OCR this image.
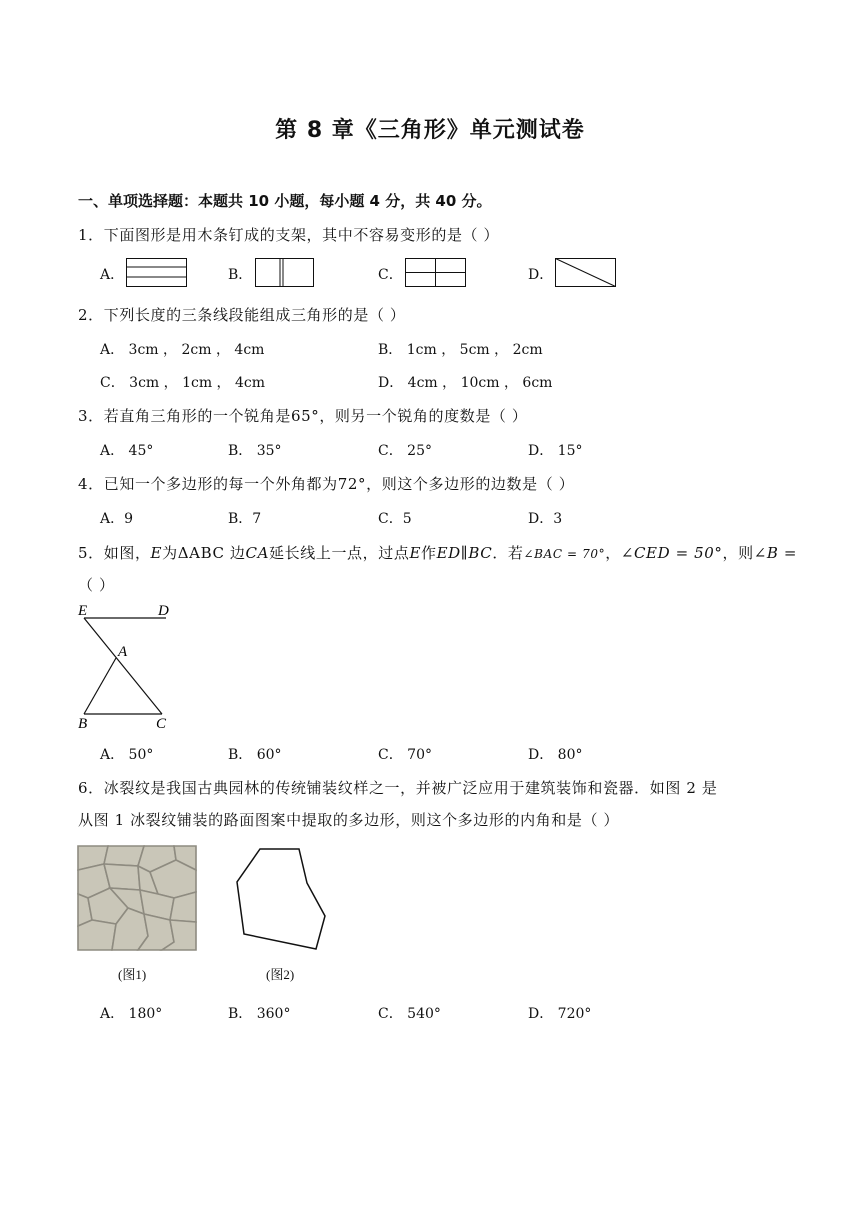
第 8 章《三角形》单元测试卷
一、单项选择题：本题共 10 小题，每小题 4 分，共 40 分。
1．下面图形是用木条钉成的支架，其中不容易变形的是（ ）
A．	B．	C．	D．
2．下列长度的三条线段能组成三角形的是（ ）
A． 3cm ， 2cm ， 4cm	B． 1cm ， 5cm ， 2cm
C． 3cm ， 1cm ， 4cm	D． 4cm ， 10cm ， 6cm
3．若直角三角形的一个锐角是65°，则另一个锐角的度数是（ ）
A． 45°	B． 35°	C． 25°	D． 15°
4．已知一个多边形的每一个外角都为72°，则这个多边形的边数是（ ）
A．9	B．7	C．5	D．3
5．如图，E为ΔABC 边CA延长线上一点，过点E作ED∥BC．若∠BAC = 70°，∠CED = 50°，则∠B =
（ ）
E	D
A
B	C
A． 50°	B． 60°	C． 70°	D． 80°
6．冰裂纹是我国古典园林的传统铺装纹样之一，并被广泛应用于建筑装饰和瓷器．如图 2 是
从图 1 冰裂纹铺装的路面图案中提取的多边形，则这个多边形的内角和是（ ）
(图1)	(图2)
A． 180°	B． 360°	C． 540°	D． 720°
